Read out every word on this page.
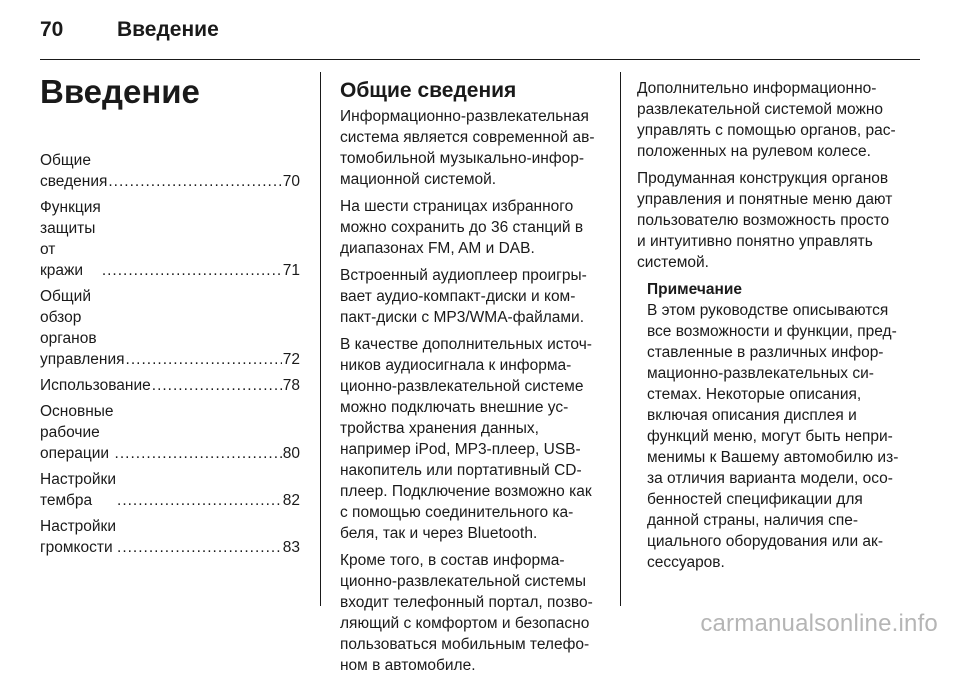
70	Введение
Введение
Общие сведения .....	70
Функция защиты от кражи .....	71
Общий обзор органов
управления .....	72
Использование .....	78
Основные рабочие операции .....	80
Настройки тембра .....	82
Настройки громкости .....	83
Общие сведения

Информационно-развлекательная
система является современной ав-
томобильной музыкально-инфор-
мационной системой.

На шести страницах избранного
можно сохранить до 36 станций в
диапазонах FM, AM и DAB.

Встроенный аудиоплеер проигры-
вает аудио-компакт-диски и ком-
пакт-диски с MP3/WMA-файлами.

В качестве дополнительных источ-
ников аудиосигнала к информа-
ционно-развлекательной системе
можно подключать внешние ус-
тройства хранения данных,
например iPod, MP3-плеер, USB-
накопитель или портативный CD-
плеер. Подключение возможно как
с помощью соединительного ка-
беля, так и через Bluetooth.

Кроме того, в состав информа-
ционно-развлекательной системы
входит телефонный портал, позво-
ляющий с комфортом и безопасно
пользоваться мобильным телефо-
ном в автомобиле.

Дополнительно информационно-
развлекательной системой можно
управлять с помощью органов, рас-
положенных на рулевом колесе.

Продуманная конструкция органов
управления и понятные меню дают
пользователю возможность просто
и интуитивно понятно управлять
системой.

Примечание

В этом руководстве описываются
все возможности и функции, пред-
ставленные в различных инфор-
мационно-развлекательных си-
стемах. Некоторые описания,
включая описания дисплея и
функций меню, могут быть непри-
менимы к Вашему автомобилю из-
за отличия варианта модели, осо-
бенностей спецификации для
данной страны, наличия спе-
циального оборудования или ак-
сессуаров.

carmanualsonline.info
